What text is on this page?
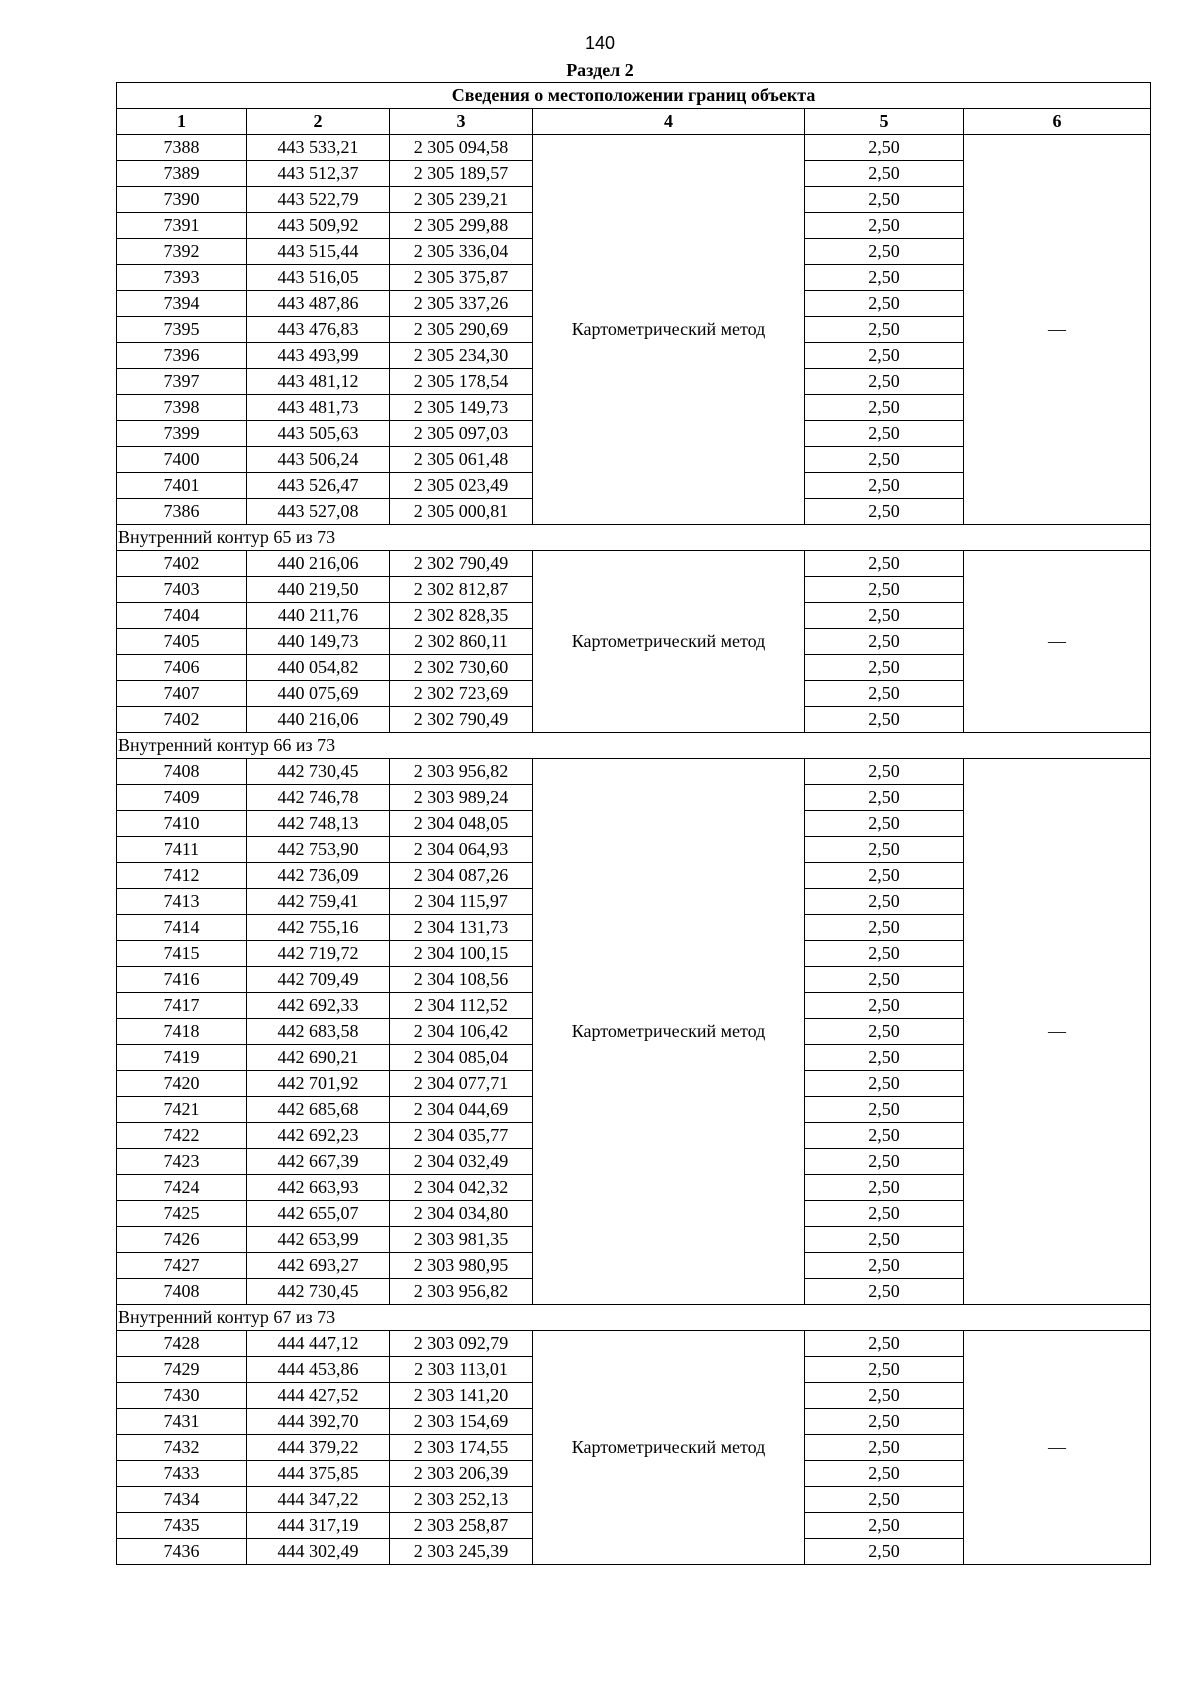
140
Раздел 2
Сведения о местоположении границ объекта					
1	2	3	4	5	6
7388	443 533,21	2 305 094,58	Картометрический метод	2,50	—
7389	443 512,37	2 305 189,57		2,50	
7390	443 522,79	2 305 239,21		2,50	
7391	443 509,92	2 305 299,88		2,50	
7392	443 515,44	2 305 336,04		2,50	
7393	443 516,05	2 305 375,87		2,50	
7394	443 487,86	2 305 337,26		2,50	
7395	443 476,83	2 305 290,69		2,50	
7396	443 493,99	2 305 234,30		2,50	
7397	443 481,12	2 305 178,54		2,50	
7398	443 481,73	2 305 149,73		2,50	
7399	443 505,63	2 305 097,03		2,50	
7400	443 506,24	2 305 061,48		2,50	
7401	443 526,47	2 305 023,49		2,50	
7386	443 527,08	2 305 000,81		2,50	
Внутренний контур 65 из 73					
7402	440 216,06	2 302 790,49	Картометрический метод	2,50	—
7403	440 219,50	2 302 812,87		2,50	
7404	440 211,76	2 302 828,35		2,50	
7405	440 149,73	2 302 860,11		2,50	
7406	440 054,82	2 302 730,60		2,50	
7407	440 075,69	2 302 723,69		2,50	
7402	440 216,06	2 302 790,49		2,50	
Внутренний контур 66 из 73					
7408	442 730,45	2 303 956,82	Картометрический метод	2,50	—
7409	442 746,78	2 303 989,24		2,50	
7410	442 748,13	2 304 048,05		2,50	
7411	442 753,90	2 304 064,93		2,50	
7412	442 736,09	2 304 087,26		2,50	
7413	442 759,41	2 304 115,97		2,50	
7414	442 755,16	2 304 131,73		2,50	
7415	442 719,72	2 304 100,15		2,50	
7416	442 709,49	2 304 108,56		2,50	
7417	442 692,33	2 304 112,52		2,50	
7418	442 683,58	2 304 106,42		2,50	
7419	442 690,21	2 304 085,04		2,50	
7420	442 701,92	2 304 077,71		2,50	
7421	442 685,68	2 304 044,69		2,50	
7422	442 692,23	2 304 035,77		2,50	
7423	442 667,39	2 304 032,49		2,50	
7424	442 663,93	2 304 042,32		2,50	
7425	442 655,07	2 304 034,80		2,50	
7426	442 653,99	2 303 981,35		2,50	
7427	442 693,27	2 303 980,95		2,50	
7408	442 730,45	2 303 956,82		2,50	
Внутренний контур 67 из 73					
7428	444 447,12	2 303 092,79	Картометрический метод	2,50	—
7429	444 453,86	2 303 113,01		2,50	
7430	444 427,52	2 303 141,20		2,50	
7431	444 392,70	2 303 154,69		2,50	
7432	444 379,22	2 303 174,55		2,50	
7433	444 375,85	2 303 206,39		2,50	
7434	444 347,22	2 303 252,13		2,50	
7435	444 317,19	2 303 258,87		2,50	
7436	444 302,49	2 303 245,39		2,50	
